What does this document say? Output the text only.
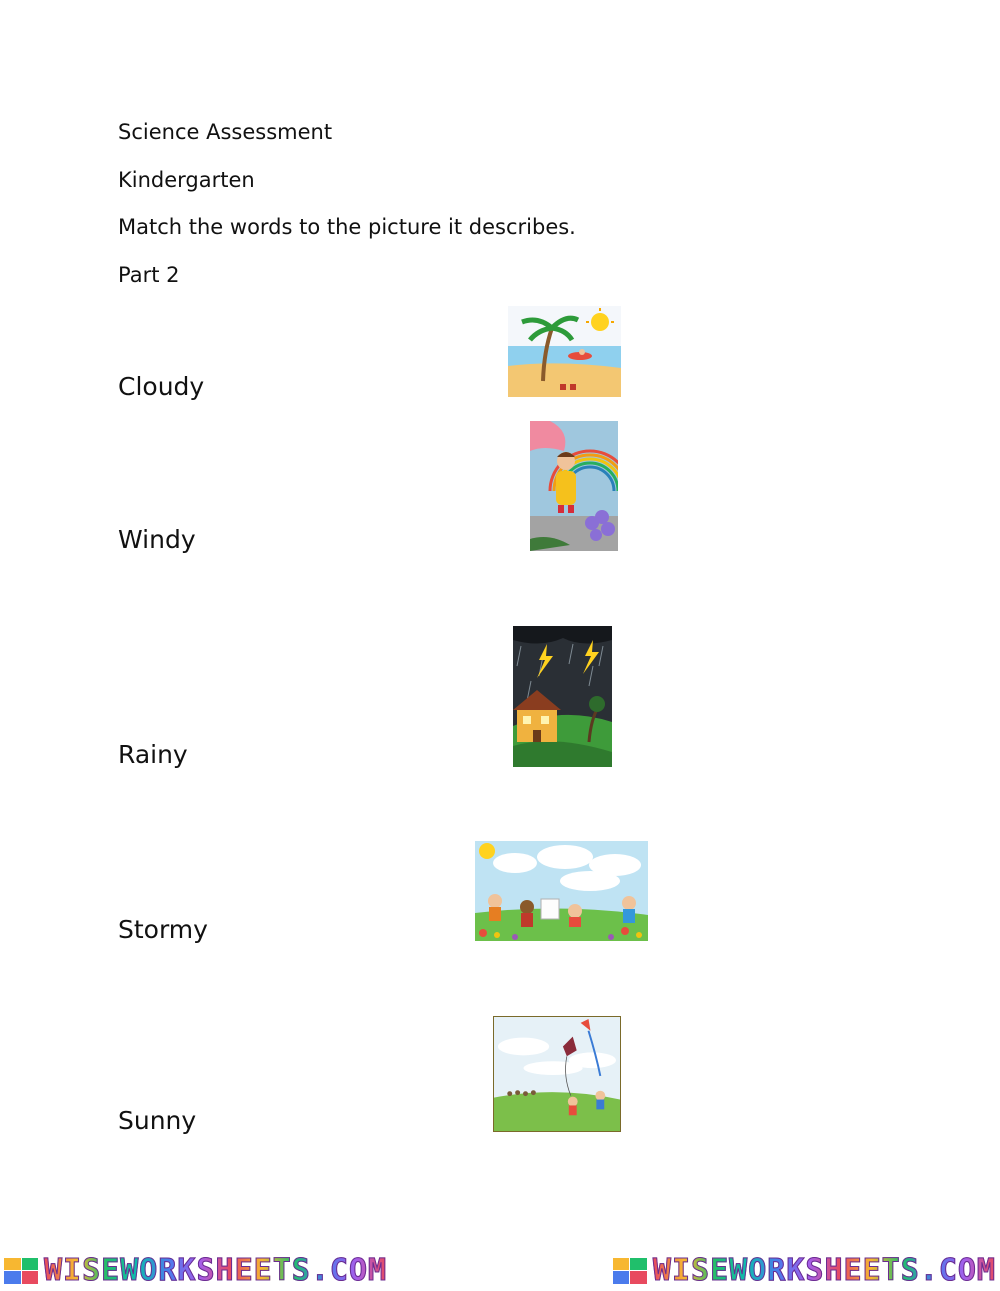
Science Assessment
Kindergarten
Match the words to the picture it describes.
Part 2
Cloudy
Windy
Rainy
Stormy
Sunny
WISEWORKSHEETS.COM	WISEWORKSHEETS.COM
